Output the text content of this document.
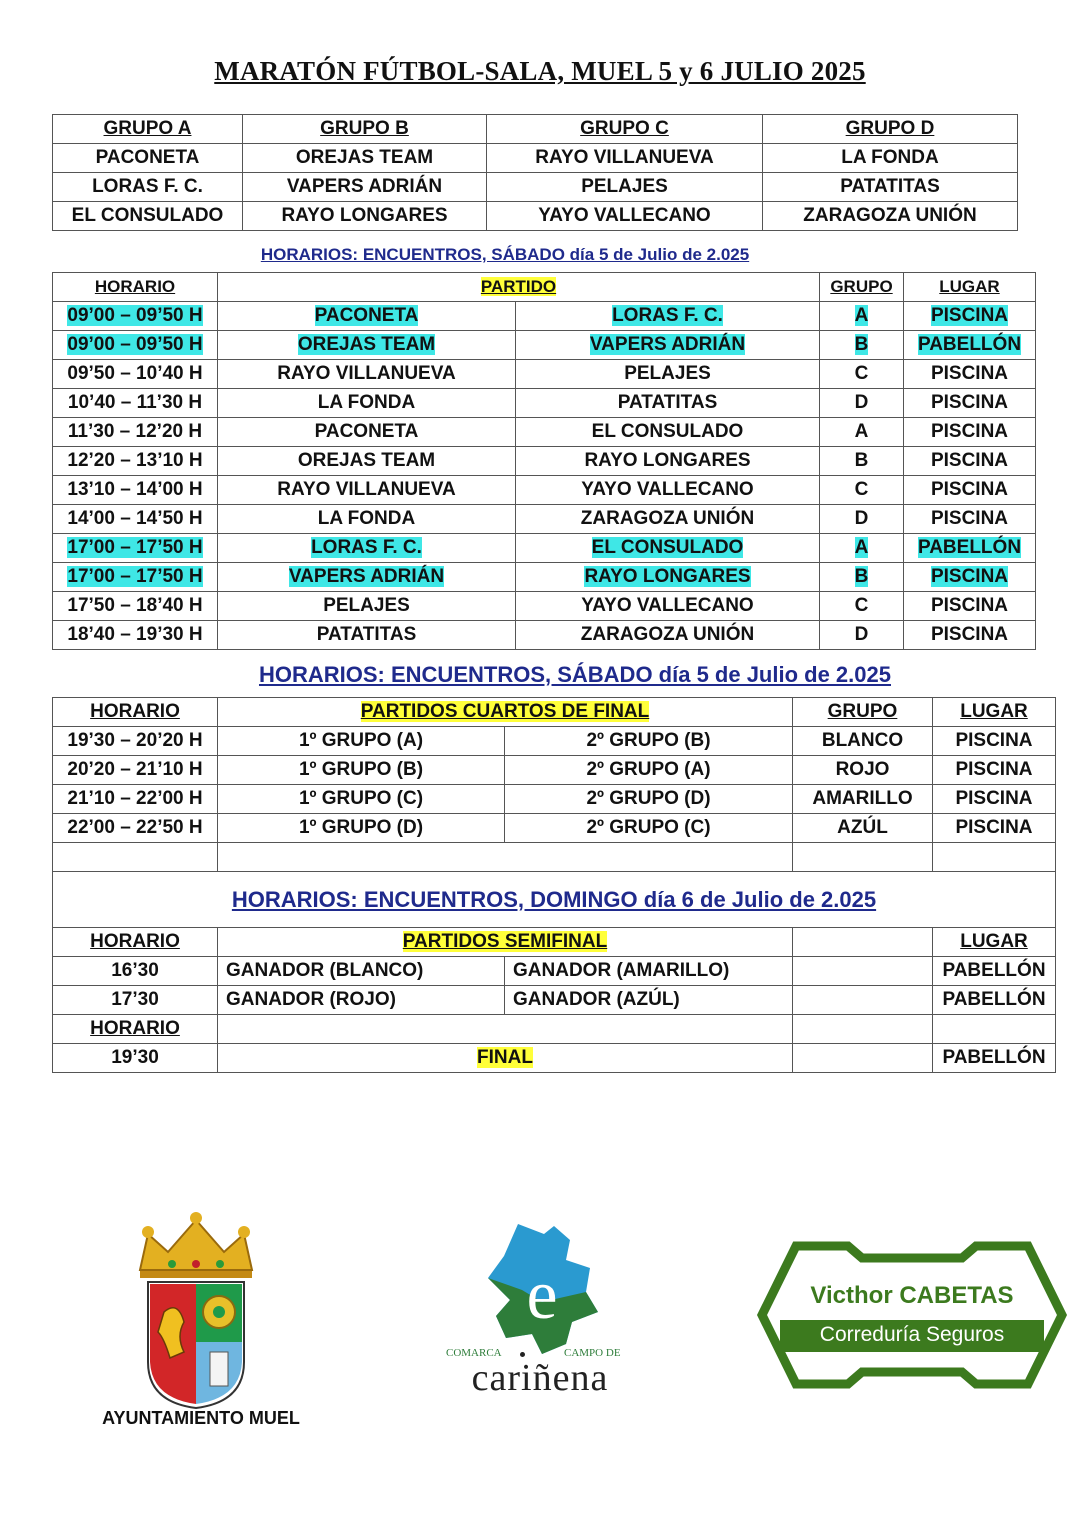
MARATÓN FÚTBOL-SALA, MUEL 5 y 6 JULIO 2025
GRUPO A	GRUPO B	GRUPO C	GRUPO D
PACONETA	OREJAS TEAM	RAYO VILLANUEVA	LA FONDA
LORAS F. C.	VAPERS ADRIÁN	PELAJES	PATATITAS
EL CONSULADO	RAYO LONGARES	YAYO VALLECANO	ZARAGOZA UNIÓN
HORARIOS: ENCUENTROS, SÁBADO día 5 de Julio de 2.025
HORARIO	PARTIDO		GRUPO	LUGAR
09’00 – 09’50 H	PACONETA	LORAS F. C.	A	PISCINA
09’00 – 09’50 H	OREJAS TEAM	VAPERS ADRIÁN	B	PABELLÓN
09’50 – 10’40 H	RAYO VILLANUEVA	PELAJES	C	PISCINA
10’40 – 11’30 H	LA FONDA	PATATITAS	D	PISCINA
11’30 – 12’20 H	PACONETA	EL CONSULADO	A	PISCINA
12’20 – 13’10 H	OREJAS TEAM	RAYO LONGARES	B	PISCINA
13’10 – 14’00 H	RAYO VILLANUEVA	YAYO VALLECANO	C	PISCINA
14’00 – 14’50 H	LA FONDA	ZARAGOZA UNIÓN	D	PISCINA
17’00 – 17’50 H	LORAS F. C.	EL CONSULADO	A	PABELLÓN
17’00 – 17’50 H	VAPERS ADRIÁN	RAYO LONGARES	B	PISCINA
17’50 – 18’40 H	PELAJES	YAYO VALLECANO	C	PISCINA
18’40 – 19’30 H	PATATITAS	ZARAGOZA UNIÓN	D	PISCINA
HORARIOS: ENCUENTROS, SÁBADO día 5 de Julio de 2.025
HORARIO	PARTIDOS CUARTOS DE FINAL		GRUPO	LUGAR
19’30 – 20’20 H	1º GRUPO (A)	2º GRUPO (B)	BLANCO	PISCINA
20’20 – 21’10 H	1º GRUPO (B)	2º GRUPO (A)	ROJO	PISCINA
21’10 – 22’00 H	1º GRUPO (C)	2º GRUPO (D)	AMARILLO	PISCINA
22’00 – 22’50 H	1º GRUPO (D)	2º GRUPO (C)	AZÚL	PISCINA

HORARIOS: ENCUENTROS, DOMINGO día 6 de Julio de 2.025				
HORARIO	PARTIDOS SEMIFINAL			LUGAR
16’30	GANADOR (BLANCO)	GANADOR (AMARILLO)		PABELLÓN
17’30	GANADOR (ROJO)	GANADOR (AZÚL)		PABELLÓN
HORARIO				
19’30	FINAL			PABELLÓN
AYUNTAMIENTO MUEL
e
COMARCA	CAMPO DE
cariñena
Victhor CABETAS
Correduría Seguros
